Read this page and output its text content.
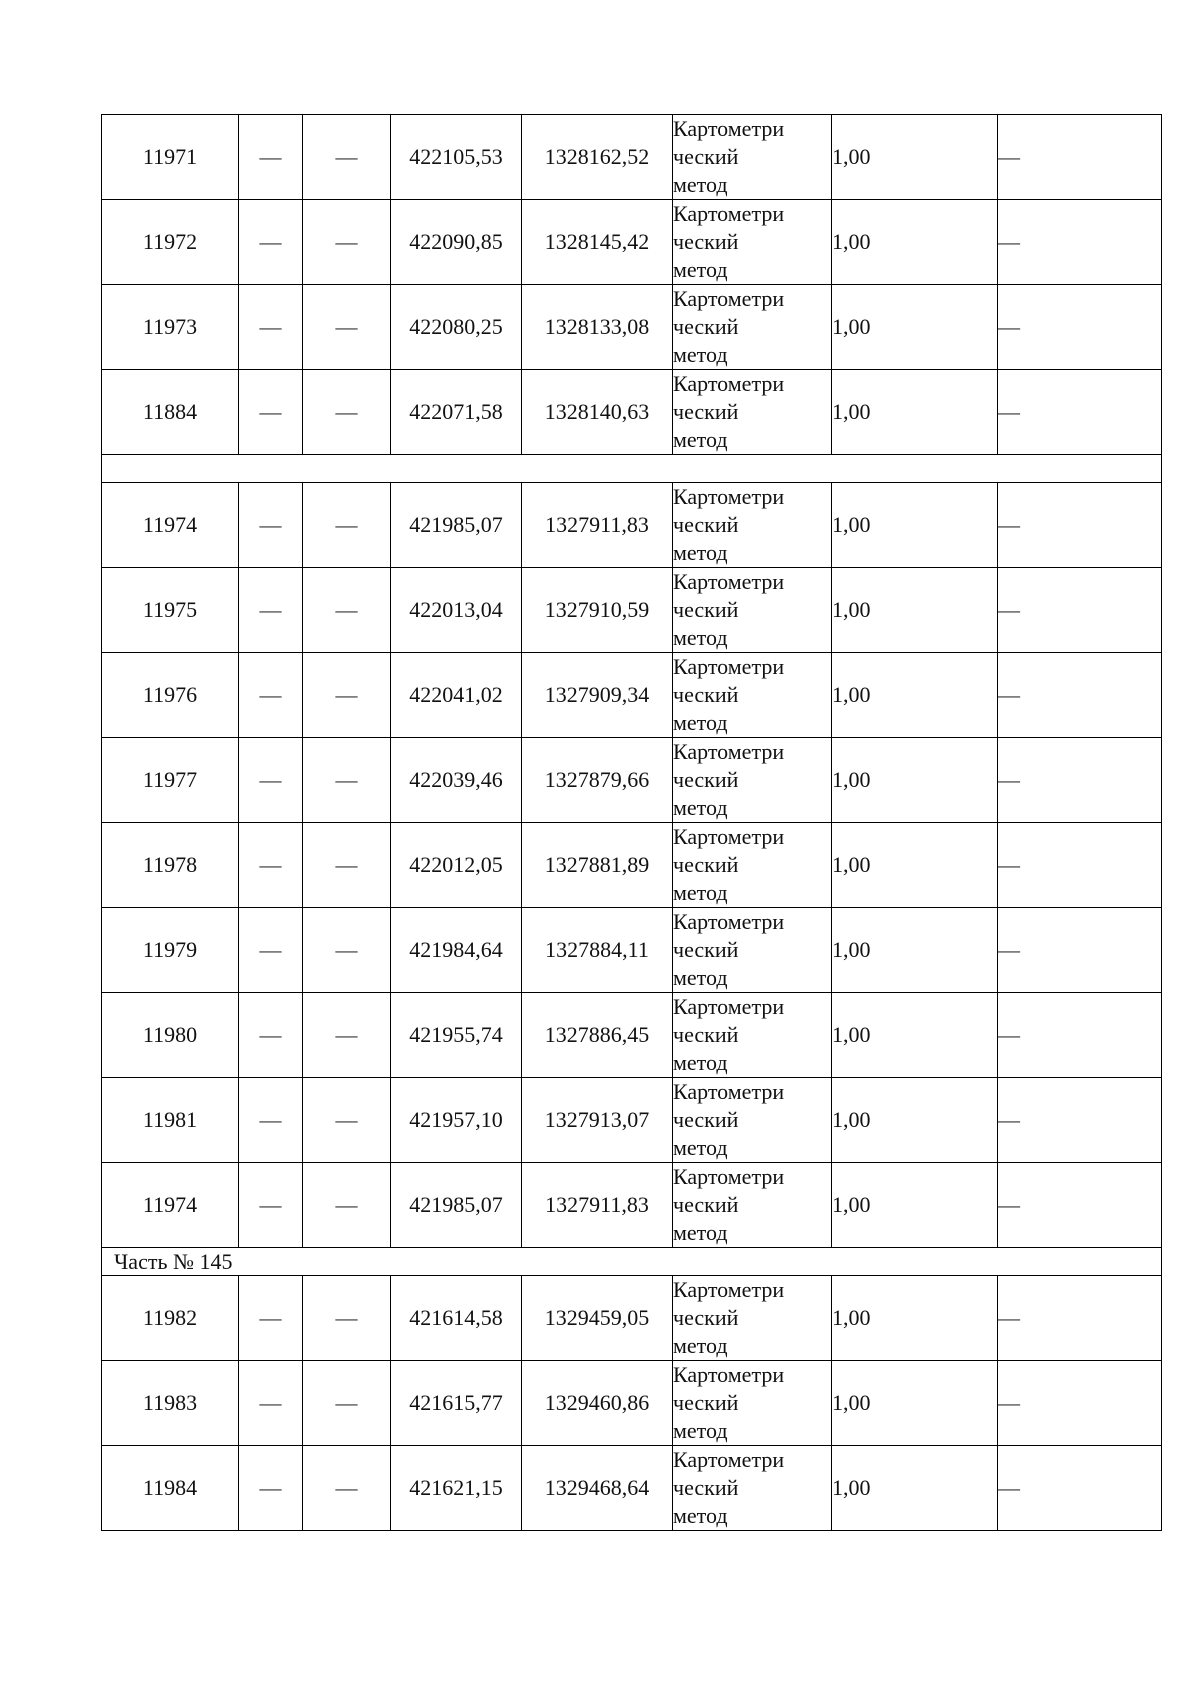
11971	—	—	422105,53	1328162,52	Картометри
ческий
метод	1,00	—
11972	—	—	422090,85	1328145,42	Картометри
ческий
метод	1,00	—
11973	—	—	422080,25	1328133,08	Картометри
ческий
метод	1,00	—
11884	—	—	422071,58	1328140,63	Картометри
ческий
метод	1,00	—

11974	—	—	421985,07	1327911,83	Картометри
ческий
метод	1,00	—
11975	—	—	422013,04	1327910,59	Картометри
ческий
метод	1,00	—
11976	—	—	422041,02	1327909,34	Картометри
ческий
метод	1,00	—
11977	—	—	422039,46	1327879,66	Картометри
ческий
метод	1,00	—
11978	—	—	422012,05	1327881,89	Картометри
ческий
метод	1,00	—
11979	—	—	421984,64	1327884,11	Картометри
ческий
метод	1,00	—
11980	—	—	421955,74	1327886,45	Картометри
ческий
метод	1,00	—
11981	—	—	421957,10	1327913,07	Картометри
ческий
метод	1,00	—
11974	—	—	421985,07	1327911,83	Картометри
ческий
метод	1,00	—
Часть № 145							
11982	—	—	421614,58	1329459,05	Картометри
ческий
метод	1,00	—
11983	—	—	421615,77	1329460,86	Картометри
ческий
метод	1,00	—
11984	—	—	421621,15	1329468,64	Картометри
ческий
метод	1,00	—
